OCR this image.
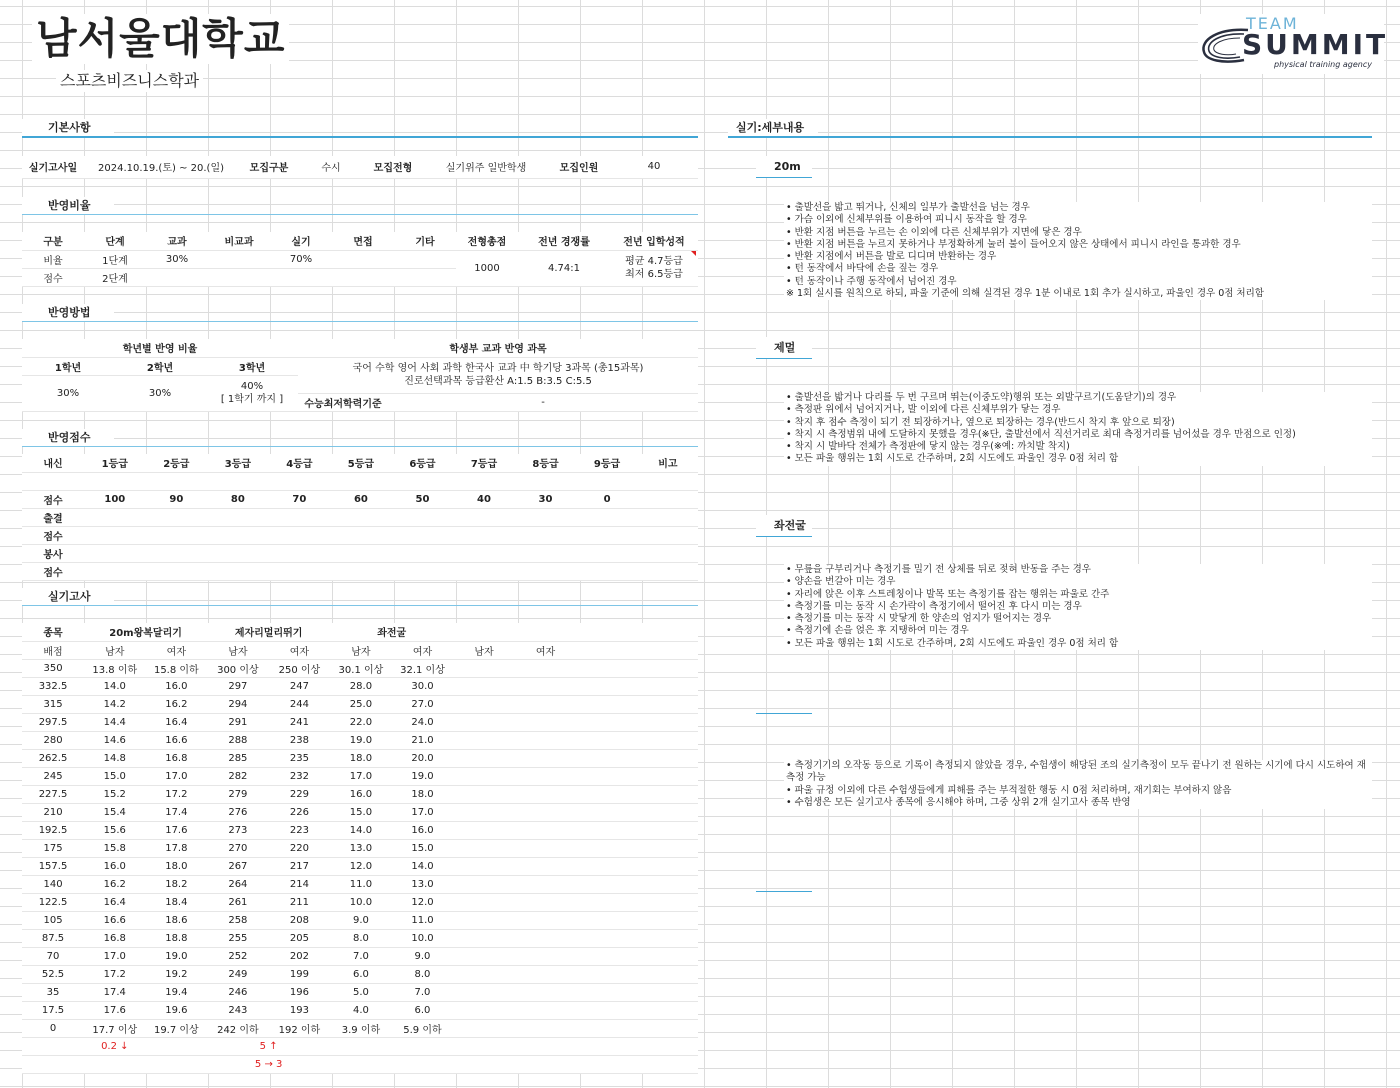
남서울대학교
스포츠비즈니스학과
TEAM
SUMMIT
physical training agency
기본사항
실기고사일	2024.10.19.(토) ~ 20.(일)	모집구분	수시	모집전형	실기위주 일반학생	모집인원	40
반영비율
구분	단계	교과	비교과	실기	면접	기타	전형총점	전년 경쟁률	전년 입학성적
비율	1단계	30%		70%			1000	4.74:1	평균 4.7등급
최저 6.5등급

점수	2단계								
반영방법
학년별 반영 비율			학생부 교과 반영 과목	
1학년	2학년	3학년	국어 수학 영어 사회 과학 한국사 교과 中 학기당 3과목 (총15과목)
진로선택과목 등급환산 A:1.5 B:3.5 C:5.5	

30%	30%	40%
[ 1학기 까지 ]		

			수능최저학력기준	-
반영점수
내신	1등급	2등급	3등급	4등급	5등급	6등급	7등급	8등급	9등급	비고

점수	100	90	80	70	60	50	40	30	0	
출결										
점수										
봉사										
점수										
실기고사
종목	20m왕복달리기		제자리멀리뛰기		좌전굴				
배점	남자	여자	남자	여자	남자	여자	남자	여자	
350	13.8 이하	15.8 이하	300 이상	250 이상	30.1 이상	32.1 이상			
332.5	14.0	16.0	297	247	28.0	30.0			
315	14.2	16.2	294	244	25.0	27.0			
297.5	14.4	16.4	291	241	22.0	24.0			
280	14.6	16.6	288	238	19.0	21.0			
262.5	14.8	16.8	285	235	18.0	20.0			
245	15.0	17.0	282	232	17.0	19.0			
227.5	15.2	17.2	279	229	16.0	18.0			
210	15.4	17.4	276	226	15.0	17.0			
192.5	15.6	17.6	273	223	14.0	16.0			
175	15.8	17.8	270	220	13.0	15.0			
157.5	16.0	18.0	267	217	12.0	14.0			
140	16.2	18.2	264	214	11.0	13.0			
122.5	16.4	18.4	261	211	10.0	12.0			
105	16.6	18.6	258	208	9.0	11.0			
87.5	16.8	18.8	255	205	8.0	10.0			
70	17.0	19.0	252	202	7.0	9.0			
52.5	17.2	19.2	249	199	6.0	8.0			
35	17.4	19.4	246	196	5.0	7.0			
17.5	17.6	19.6	243	193	4.0	6.0			
0	17.7 이상	19.7 이상	242 이하	192 이하	3.9 이하	5.9 이하			
	0.2 ↓		5 ↑						
			5 → 3						
실기:세부내용
20m
• 출발선을 밟고 뛰거나, 신체의 일부가 출발선을 넘는 경우
• 가슴 이외에 신체부위를 이용하여 피니시 동작을 할 경우
• 반환 지점 버튼을 누르는 손 이외에 다른 신체부위가 지면에 닿은 경우
• 반환 지점 버튼을 누르지 못하거나 부정확하게 눌러 불이 들어오지 않은 상태에서 피니시 라인을 통과한 경우
• 반환 지점에서 버튼을 발로 디디며 반환하는 경우
• 턴 동작에서 바닥에 손을 짚는 경우
• 턴 동작이나 주행 동작에서 넘어진 경우
※ 1회 실시를 원칙으로 하되, 파울 기준에 의해 실격된 경우 1분 이내로 1회 추가 실시하고, 파울인 경우 0점 처리함
제멀
• 출발선을 밟거나 다리를 두 번 구르며 뛰는(이중도약)행위 또는 외발구르기(도움닫기)의 경우
• 측정판 위에서 넘어지거나, 발 이외에 다른 신체부위가 닿는 경우
• 착지 후 점수 측정이 되기 전 퇴장하거나, 옆으로 퇴장하는 경우(반드시 착지 후 앞으로 퇴장)
• 착지 시 측정범위 내에 도달하지 못했을 경우(※단, 출발선에서 직선거리로 최대 측정거리를 넘어섰을 경우 만점으로 인정)
• 착지 시 발바닥 전체가 측정판에 닿지 않는 경우(※예: 까치발 착지)
• 모든 파울 행위는 1회 시도로 간주하며, 2회 시도에도 파울인 경우 0점 처리 함
좌전굴
• 무릎을 구부리거나 측정기를 밀기 전 상체를 뒤로 젖혀 반동을 주는 경우
• 양손을 번갈아 미는 경우
• 자리에 앉은 이후 스트레칭이나 발목 또는 측정기를 잡는 행위는 파울로 간주
• 측정기를 미는 동작 시 손가락이 측정기에서 떨어진 후 다시 미는 경우
• 측정기를 미는 동작 시 맞닿게 한 양손의 엄지가 떨어지는 경우
• 측정기에 손을 얹은 후 지탱하여 미는 경우
• 모든 파울 행위는 1회 시도로 간주하며, 2회 시도에도 파울인 경우 0점 처리 함
• 측정기기의 오작동 등으로 기록이 측정되지 않았을 경우, 수험생이 해당된 조의 실기측정이 모두 끝나기 전 원하는 시기에 다시 시도하여 재측정 가능
• 파울 규정 이외에 다른 수험생들에게 피해를 주는 부적절한 행동 시 0점 처리하며, 재기회는 부여하지 않음
• 수험생은 모든 실기고사 종목에 응시해야 하며, 그중 상위 2개 실기고사 종목 반영
